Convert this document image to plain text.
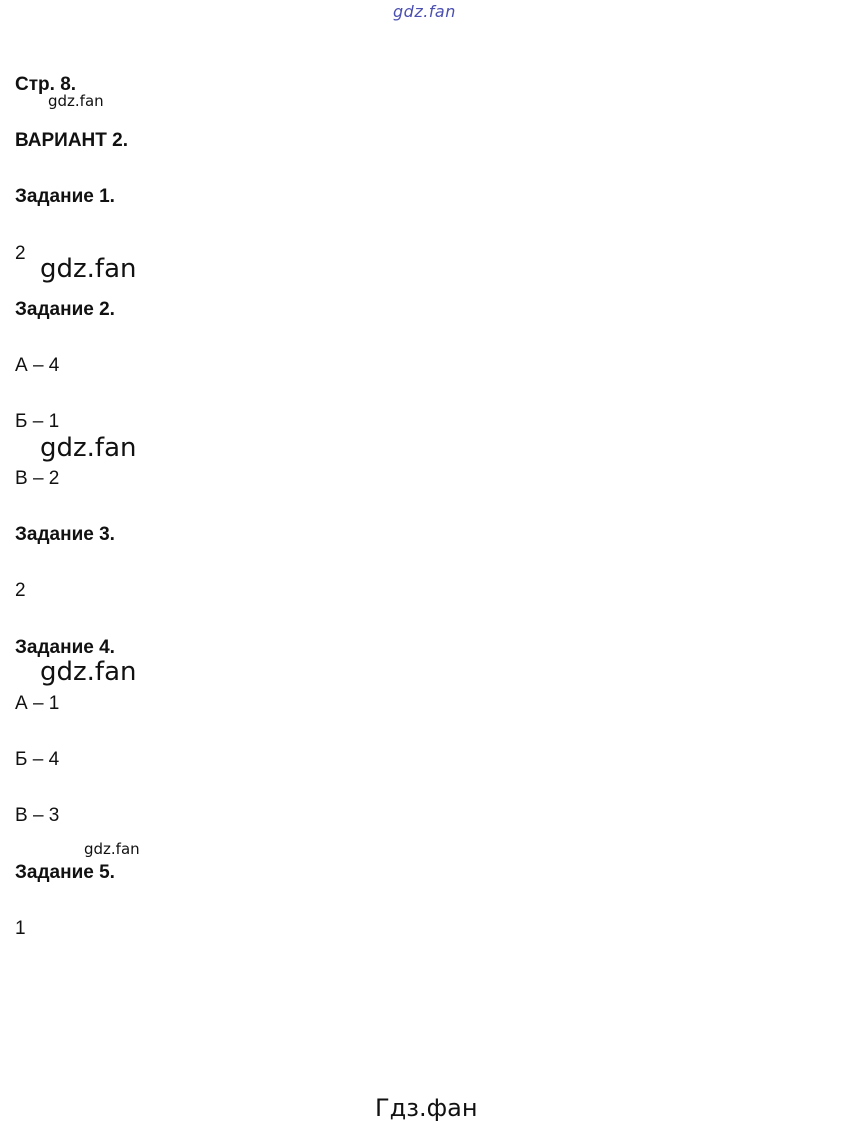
gdz.fan
Стр. 8.
gdz.fan
ВАРИАНТ 2.
Задание 1.
2
gdz.fan
Задание 2.
А – 4
Б – 1
gdz.fan
В – 2
Задание 3.
2
Задание 4.
gdz.fan
А – 1
Б – 4
В – 3
gdz.fan
Задание 5.
1
Гдз.фан
